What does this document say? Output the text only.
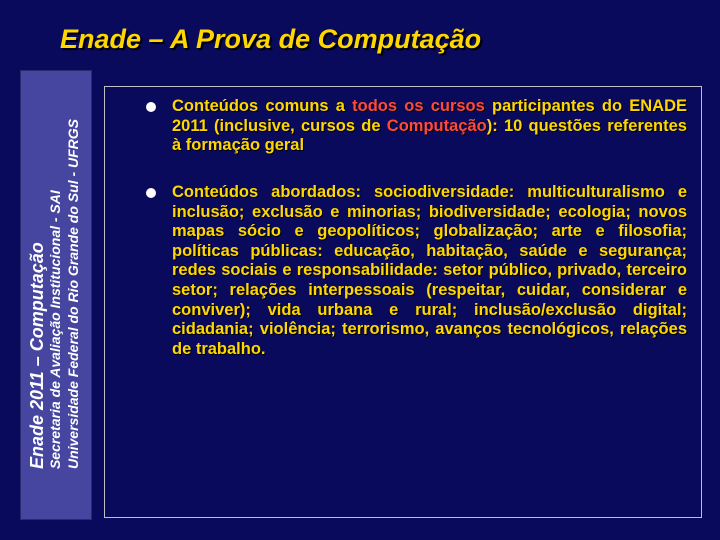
Enade – A Prova de Computação
Enade 2011 – Computação Secretaria de Avaliação Institucional - SAI Universidade Federal do Rio Grande do Sul - UFRGS
Conteúdos comuns a todos os cursos participantes do ENADE 2011 (inclusive, cursos de Computação): 10 questões referentes à formação geral
Conteúdos abordados: sociodiversidade: multiculturalismo e inclusão; exclusão e minorias; biodiversidade; ecologia; novos mapas sócio e geopolíticos; globalização; arte e filosofia; políticas públicas: educação, habitação, saúde e segurança; redes sociais e responsabilidade: setor público, privado, terceiro setor; relações interpessoais (respeitar, cuidar, considerar e conviver); vida urbana e rural; inclusão/exclusão digital; cidadania; violência; terrorismo, avanços tecnológicos, relações de trabalho.
